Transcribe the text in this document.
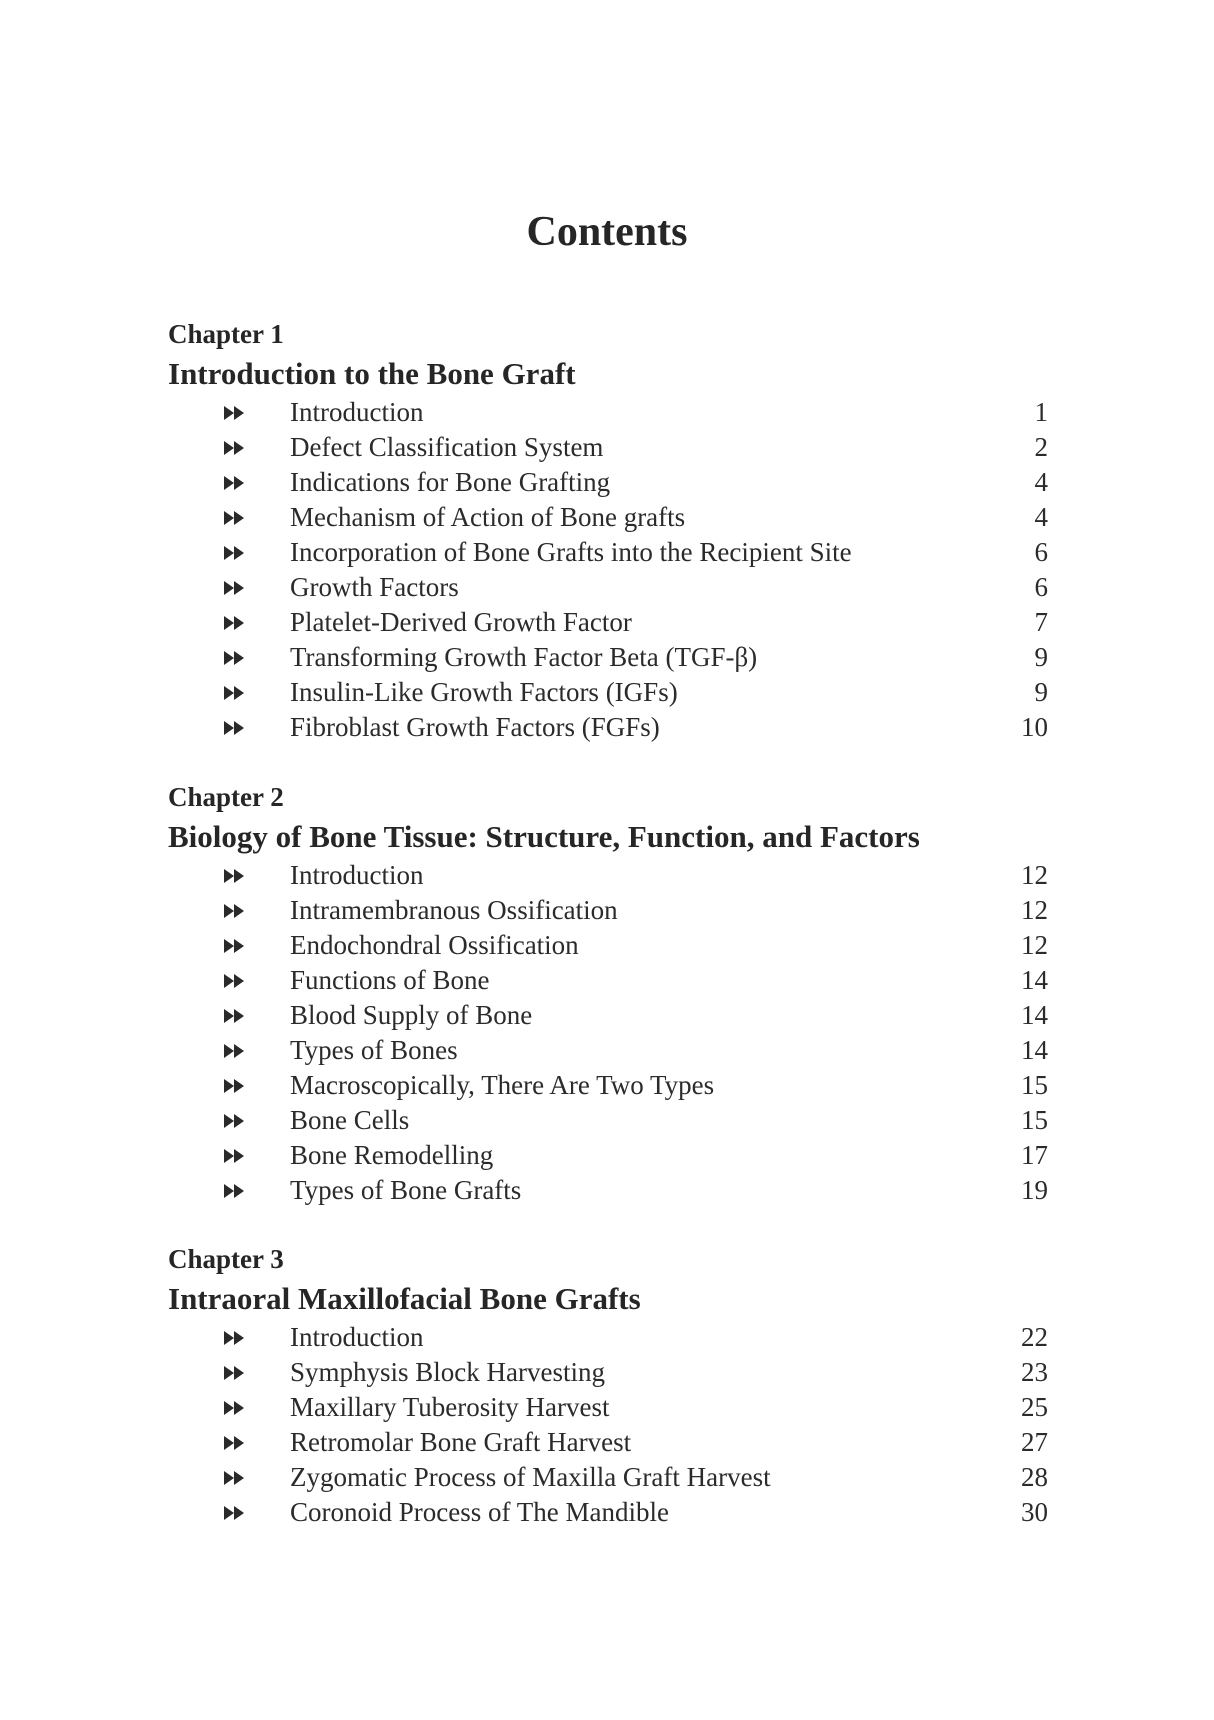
Contents
Chapter 1
Introduction to the Bone Graft
Introduction	1
Defect Classification System	2
Indications for Bone Grafting	4
Mechanism of Action of Bone grafts	4
Incorporation of Bone Grafts into the Recipient Site	6
Growth Factors	6
Platelet-Derived Growth Factor	7
Transforming Growth Factor Beta (TGF-β)	9
Insulin-Like Growth Factors (IGFs)	9
Fibroblast Growth Factors (FGFs)	10
Chapter 2
Biology of Bone Tissue: Structure, Function, and Factors
Introduction	12
Intramembranous Ossification	12
Endochondral Ossification	12
Functions of Bone	14
Blood Supply of Bone	14
Types of Bones	14
Macroscopically, There Are Two Types	15
Bone Cells	15
Bone Remodelling	17
Types of Bone Grafts	19
Chapter 3
Intraoral Maxillofacial Bone Grafts
Introduction	22
Symphysis Block Harvesting	23
Maxillary Tuberosity Harvest	25
Retromolar Bone Graft Harvest	27
Zygomatic Process of Maxilla Graft Harvest	28
Coronoid Process of The Mandible	30
